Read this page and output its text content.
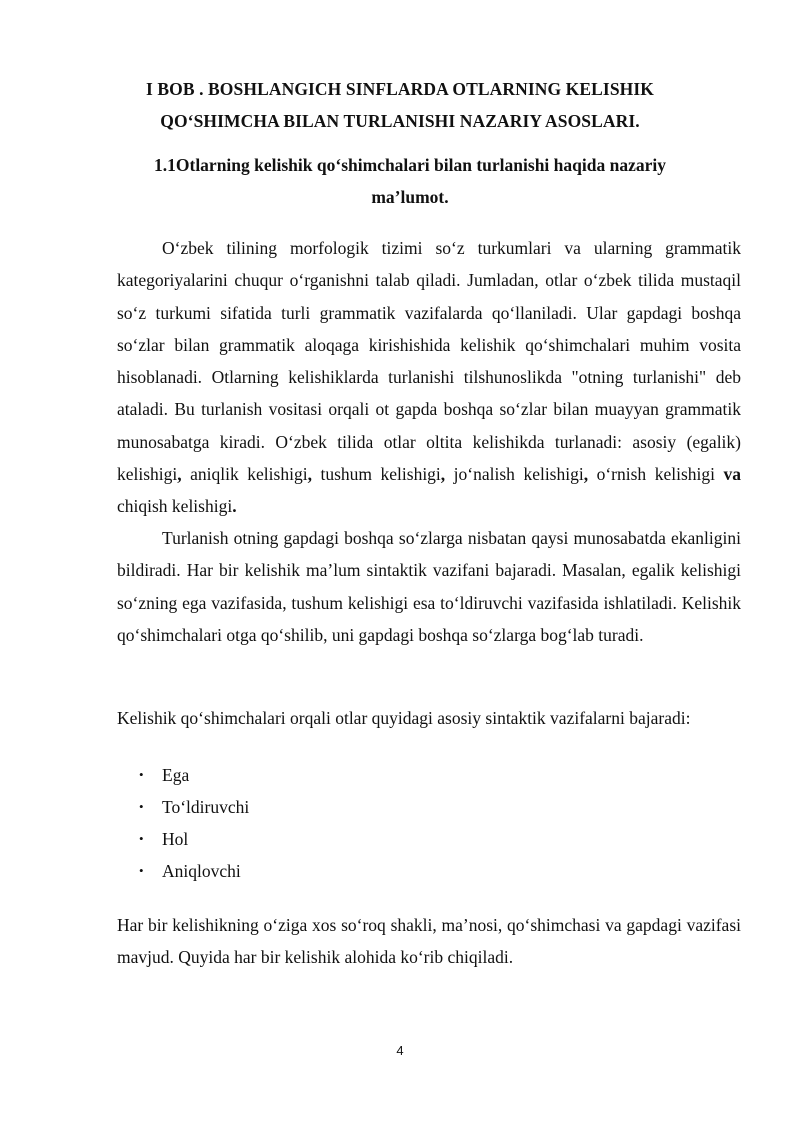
I BOB . BOSHLANGICH SINFLARDA OTLARNING KELISHIK
QO‘SHIMCHA BILAN TURLANISHI NAZARIY ASOSLARI.
1.1Otlarning kelishik qo‘shimchalari bilan turlanishi haqida nazariy
ma’lumot.

O‘zbek tilining morfologik tizimi so‘z turkumlari va ularning grammatik kategoriyalarini chuqur o‘rganishni talab qiladi. Jumladan, otlar o‘zbek tilida mustaqil so‘z turkumi sifatida turli grammatik vazifalarda qo‘llaniladi. Ular gapdagi boshqa so‘zlar bilan grammatik aloqaga kirishishida kelishik qo‘shimchalari muhim vosita hisoblanadi. Otlarning kelishiklarda turlanishi tilshunoslikda "otning turlanishi" deb ataladi. Bu turlanish vositasi orqali ot gapda boshqa so‘zlar bilan muayyan grammatik munosabatga kiradi. O‘zbek tilida otlar oltita kelishikda turlanadi: asosiy (egalik) kelishigi, aniqlik kelishigi, tushum kelishigi, jo‘nalish kelishigi, o‘rnish kelishigi va chiqish kelishigi.

Turlanish otning gapdagi boshqa so‘zlarga nisbatan qaysi munosabatda ekanligini bildiradi. Har bir kelishik ma’lum sintaktik vazifani bajaradi. Masalan, egalik kelishigi so‘zning ega vazifasida, tushum kelishigi esa to‘ldiruvchi vazifasida ishlatiladi. Kelishik qo‘shimchalari otga qo‘shilib, uni gapdagi boshqa so‘zlarga bog‘lab turadi.

Kelishik qo‘shimchalari orqali otlar quyidagi asosiy sintaktik vazifalarni bajaradi:

• Ega
• To‘ldiruvchi
• Hol
• Aniqlovchi

Har bir kelishikning o‘ziga xos so‘roq shakli, ma’nosi, qo‘shimchasi va gapdagi vazifasi mavjud. Quyida har bir kelishik alohida ko‘rib chiqiladi.

4
